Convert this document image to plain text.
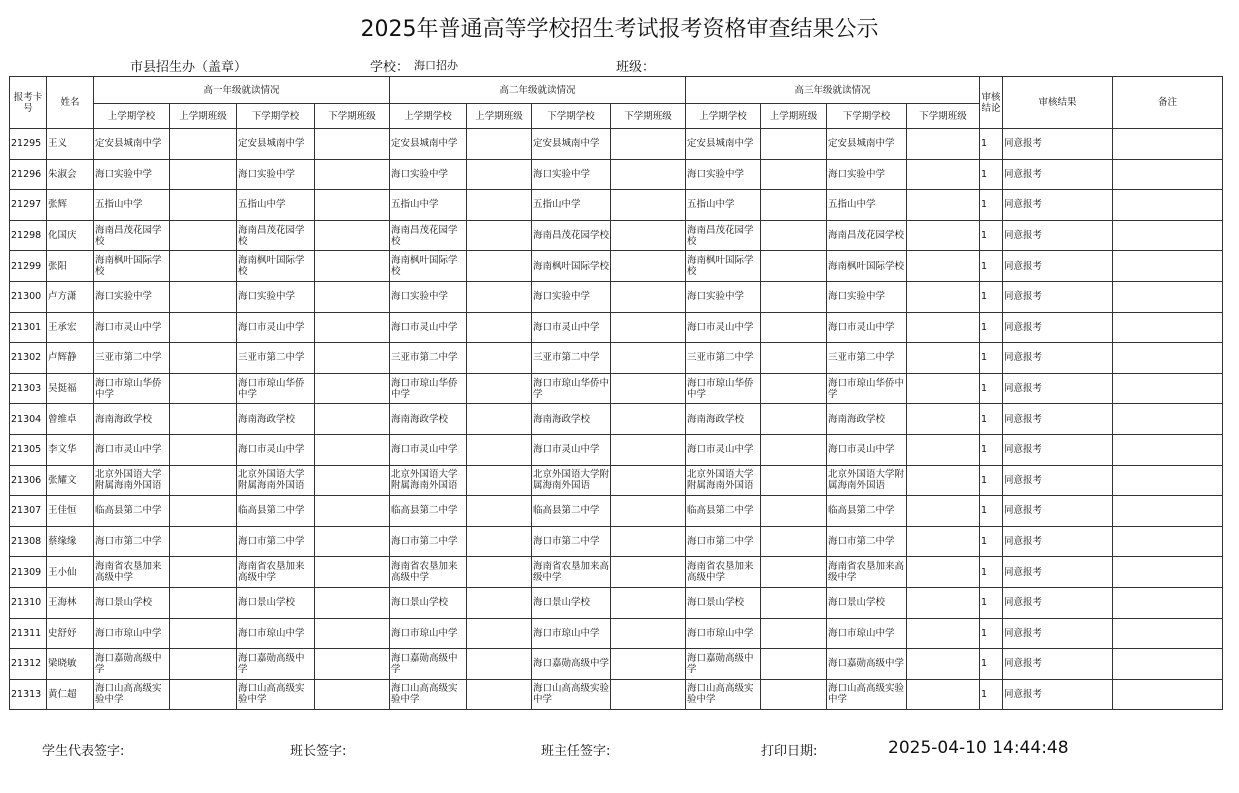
2025年普通高等学校招生考试报考资格审查结果公示
市县招生办（盖章）	学校： 海口招办	班级：
报考卡号	姓名	高一年级就读情况				高二年级就读情况				高三年级就读情况				审核结论	审核结果	备注
		上学期学校	上学期班级	下学期学校	下学期班级	上学期学校	上学期班级	下学期学校	下学期班级	上学期学校	上学期班级	下学期学校	下学期班级			
21295	王义	定安县城南中学		定安县城南中学		定安县城南中学		定安县城南中学		定安县城南中学		定安县城南中学		1	同意报考	
21296	朱淑会	海口实验中学		海口实验中学		海口实验中学		海口实验中学		海口实验中学		海口实验中学		1	同意报考	
21297	张辉	五指山中学		五指山中学		五指山中学		五指山中学		五指山中学		五指山中学		1	同意报考	
21298	化国庆	海南昌茂花园学校		海南昌茂花园学校		海南昌茂花园学校		海南昌茂花园学校		海南昌茂花园学校		海南昌茂花园学校		1	同意报考	
21299	张阳	海南枫叶国际学校		海南枫叶国际学校		海南枫叶国际学校		海南枫叶国际学校		海南枫叶国际学校		海南枫叶国际学校		1	同意报考	
21300	卢方潇	海口实验中学		海口实验中学		海口实验中学		海口实验中学		海口实验中学		海口实验中学		1	同意报考	
21301	王承宏	海口市灵山中学		海口市灵山中学		海口市灵山中学		海口市灵山中学		海口市灵山中学		海口市灵山中学		1	同意报考	
21302	卢辉静	三亚市第二中学		三亚市第二中学		三亚市第二中学		三亚市第二中学		三亚市第二中学		三亚市第二中学		1	同意报考	
21303	吴挺福	海口市琼山华侨中学		海口市琼山华侨中学		海口市琼山华侨中学		海口市琼山华侨中学		海口市琼山华侨中学		海口市琼山华侨中学		1	同意报考	
21304	曾维卓	海南海政学校		海南海政学校		海南海政学校		海南海政学校		海南海政学校		海南海政学校		1	同意报考	
21305	李文华	海口市灵山中学		海口市灵山中学		海口市灵山中学		海口市灵山中学		海口市灵山中学		海口市灵山中学		1	同意报考	
21306	张耀文	北京外国语大学附属海南外国语		北京外国语大学附属海南外国语		北京外国语大学附属海南外国语		北京外国语大学附属海南外国语		北京外国语大学附属海南外国语		北京外国语大学附属海南外国语		1	同意报考	
21307	王佳恒	临高县第二中学		临高县第二中学		临高县第二中学		临高县第二中学		临高县第二中学		临高县第二中学		1	同意报考	
21308	蔡缘缘	海口市第二中学		海口市第二中学		海口市第二中学		海口市第二中学		海口市第二中学		海口市第二中学		1	同意报考	
21309	王小仙	海南省农垦加来高级中学		海南省农垦加来高级中学		海南省农垦加来高级中学		海南省农垦加来高级中学		海南省农垦加来高级中学		海南省农垦加来高级中学		1	同意报考	
21310	王海林	海口景山学校		海口景山学校		海口景山学校		海口景山学校		海口景山学校		海口景山学校		1	同意报考	
21311	史舒妤	海口市琼山中学		海口市琼山中学		海口市琼山中学		海口市琼山中学		海口市琼山中学		海口市琼山中学		1	同意报考	
21312	梁晓敏	海口嘉勋高级中学		海口嘉勋高级中学		海口嘉勋高级中学		海口嘉勋高级中学		海口嘉勋高级中学		海口嘉勋高级中学		1	同意报考	
21313	黄仁超	海口山高高级实验中学		海口山高高级实验中学		海口山高高级实验中学		海口山高高级实验中学		海口山高高级实验中学		海口山高高级实验中学		1	同意报考	
学生代表签字:	班长签字:	班主任签字:	打印日期:	2025-04-10 14:44:48
